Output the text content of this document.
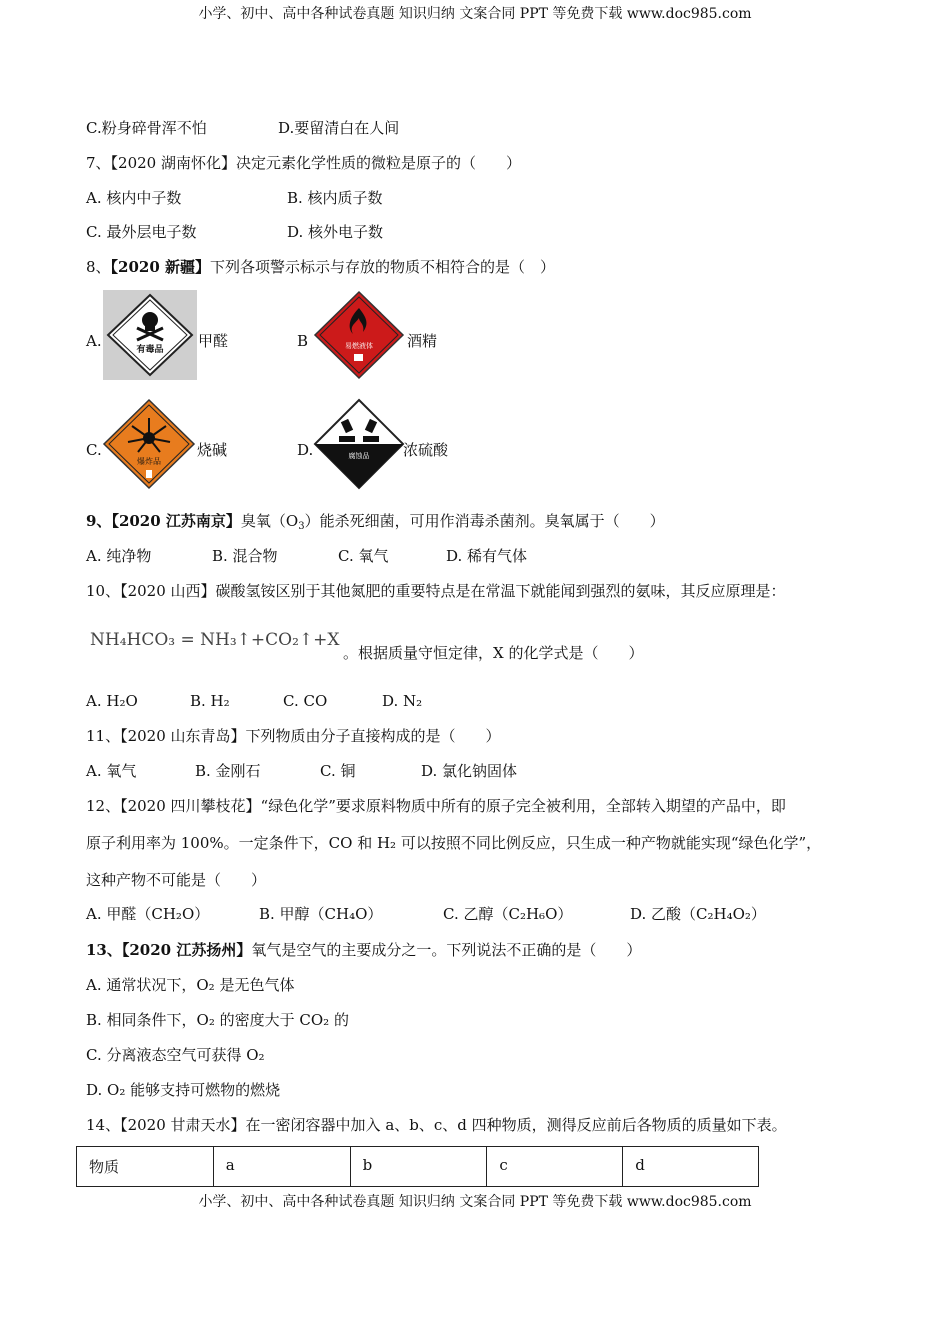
小学、初中、高中各种试卷真题 知识归纳 文案合同 PPT 等免费下载 www.doc985.com
C.粉身碎骨浑不怕	D.要留清白在人间
7、【2020 湖南怀化】决定元素化学性质的微粒是原子的（　　）
A. 核内中子数	B. 核内质子数
C. 最外层电子数	D. 核外电子数
8、【2020 新疆】下列各项警示标示与存放的物质不相符合的是（　）
A.	有毒品 甲醛	B	易燃液体 酒精
C.
爆炸品
烧碱	D.	腐蚀品 浓硫酸
9、【2020 江苏南京】臭氧$(O_3)$能杀死细菌，可用作消毒杀菌剂。臭氧属于（　　）
A. 纯净物	B. 混合物	C. 氧气	D. 稀有气体
10、【2020 山西】碳酸氢铵区别于其他氮肥的重要特点是在常温下就能闻到强烈的氨味，其反应原理是：
NH₄HCO₃ = NH₃↑+CO₂↑+X
。根据质量守恒定律，X 的化学式是（　　）
A. H₂O	B. H₂	C. CO	D. N₂
11、【2020 山东青岛】下列物质由分子直接构成的是（　　）
A. 氧气	B. 金刚石	C. 铜	D. 氯化钠固体
12、【2020 四川攀枝花】“绿色化学”要求原料物质中所有的原子完全被利用，全部转入期望的产品中，即
原子利用率为 100%。一定条件下，CO 和 H₂ 可以按照不同比例反应，只生成一种产物就能实现“绿色化学”，
这种产物不可能是（　　）
A. 甲醛（CH₂O）	B. 甲醇（CH₄O）	C. 乙醇（C₂H₆O）	D. 乙酸（C₂H₄O₂）
13、【2020 江苏扬州】氧气是空气的主要成分之一。下列说法不正确的是（　　）
A. 通常状况下，O₂ 是无色气体
B. 相同条件下，O₂ 的密度大于 CO₂ 的
C. 分离液态空气可获得 O₂
D. O₂ 能够支持可燃物的燃烧
14、【2020 甘肃天水】在一密闭容器中加入 a、b、c、d 四种物质，测得反应前后各物质的质量如下表。
物质	a	b	c	d
小学、初中、高中各种试卷真题 知识归纳 文案合同 PPT 等免费下载 www.doc985.com
